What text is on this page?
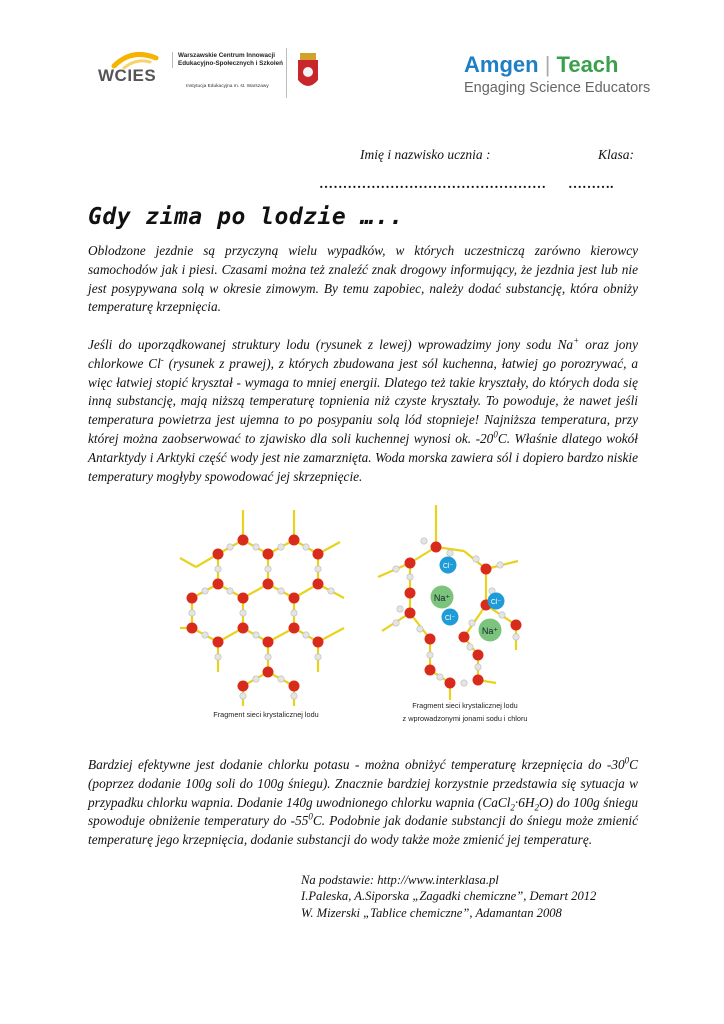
WCIES
Warszawskie Centrum Innowacji Edukacyjno-Społecznych i Szkoleń
Instytucja Edukacyjna m. st. Warszawy
Amgen | Teach
Engaging Science Educators
Imię i nazwisko ucznia :	Klasa:
………………………………………… ……….
Gdy zima po lodzie …..
Oblodzone jezdnie są przyczyną wielu wypadków, w których uczestniczą zarówno kierowcy samochodów jak i piesi. Czasami można też znaleźć znak drogowy informujący, że jezdnia jest lub nie jest posypywana solą w okresie zimowym. By temu zapobiec, należy dodać substancję, która obniży temperaturę krzepnięcia.
Jeśli do uporządkowanej struktury lodu (rysunek z lewej) wprowadzimy jony sodu Na+ oraz jony chlorkowe Cl- (rysunek z prawej), z których zbudowana jest sól kuchenna, łatwiej go porozrywać, a więc łatwiej stopić kryształ - wymaga to mniej energii. Dlatego też takie kryształy, do których doda się inną substancję, mają niższą temperaturę topnienia niż czyste kryształy. To powoduje, że nawet jeśli temperatura powietrza jest ujemna to po posypaniu solą lód stopnieje! Najniższa temperatura, przy której można zaobserwować to zjawisko dla soli kuchennej wynosi ok. $-20^0C$. Właśnie dlatego wokół Antarktydy i Arktyki część wody jest nie zamarznięta. Woda morska zawiera sól i dopiero bardzo niskie temperatury mogłyby spowodować jej skrzepnięcie.
Cl⁻
Cl⁻
Cl⁻
Na⁺
Na⁺
Fragment sieci krystalicznej lodu
Fragment sieci krystalicznej lodu
z wprowadzonymi jonami sodu i chloru
Bardziej efektywne jest dodanie chlorku potasu - można obniżyć temperaturę krzepnięcia do $-30^0C$ (poprzez dodanie 100g soli do 100g śniegu). Znacznie bardziej korzystnie przedstawia się sytuacja w przypadku chlorku wapnia. Dodanie 140g uwodnionego chlorku wapnia $(CaCl_2\cdot 6H_2O)$ do 100g śniegu spowoduje obniżenie temperatury do $-55^0C$. Podobnie jak dodanie substancji do śniegu może zmienić temperaturę jego krzepnięcia, dodanie substancji do wody także może zmienić jej temperaturę.
Na podstawie: http://www.interklasa.pl
I.Paleska, A.Siporska „Zagadki chemiczne”, Demart 2012
W. Mizerski „Tablice chemiczne”, Adamantan 2008
